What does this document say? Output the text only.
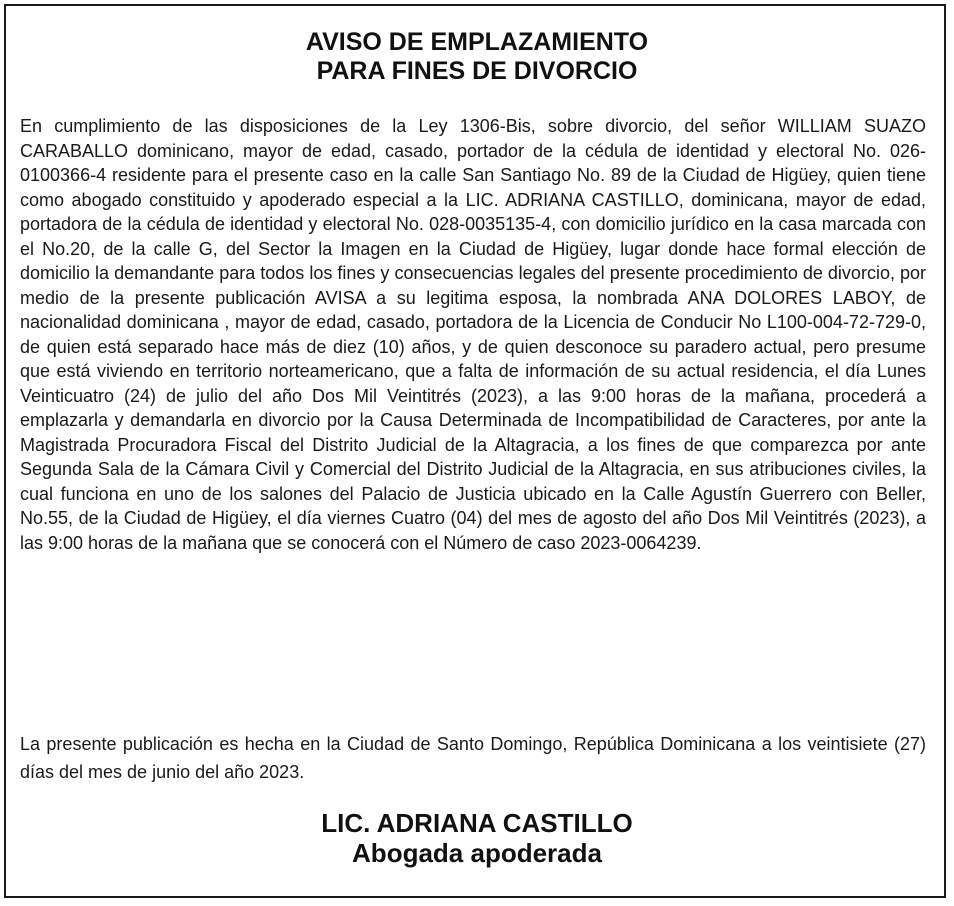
AVISO DE EMPLAZAMIENTO
PARA FINES DE DIVORCIO

En cumplimiento de las disposiciones de la Ley 1306-Bis, sobre divorcio, del señor WILLIAM SUAZO CARABALLO dominicano, mayor de edad, casado, portador de la cédula de identidad y electoral No. 026-0100366-4 residente para el presente caso en la calle San Santiago No. 89 de la Ciudad de Higüey, quien tiene como abogado constituido y apoderado especial a la LIC. ADRIANA CASTILLO, dominicana, mayor de edad, portadora de la cédula de identidad y electoral No. 028-0035135-4, con domicilio jurídico en la casa marcada con el No.20, de la calle G, del Sector la Imagen en la Ciudad de Higüey, lugar donde hace formal elección de domicilio la demandante para todos los fines y consecuencias legales del presente procedimiento de divorcio, por medio de la presente publicación AVISA a su legitima esposa, la nombrada ANA DOLORES LABOY, de nacionalidad dominicana , mayor de edad, casado, portadora de la Licencia de Conducir No L100-004-72-729-0, de quien está separado hace más de diez (10) años, y de quien desconoce su paradero actual, pero presume que está viviendo en territorio norteamericano, que a falta de información de su actual residencia, el día Lunes Veinticuatro (24) de julio del año Dos Mil Veintitrés (2023), a las 9:00 horas de la mañana, procederá a emplazarla y demandarla en divorcio por la Causa Determinada de Incompatibilidad de Caracteres, por ante la Magistrada Procuradora Fiscal del Distrito Judicial de la Altagracia, a los fines de que comparezca por ante Segunda Sala de la Cámara Civil y Comercial del Distrito Judicial de la Altagracia, en sus atribuciones civiles, la cual funciona en uno de los salones del Palacio de Justicia ubicado en la Calle Agustín Guerrero con Beller, No.55, de la Ciudad de Higüey, el día viernes Cuatro (04) del mes de agosto del año Dos Mil Veintitrés (2023), a las 9:00 horas de la mañana que se conocerá con el Número de caso 2023-0064239.

La presente publicación es hecha en la Ciudad de Santo Domingo, República Dominicana a los veintisiete (27) días del mes de junio del año 2023.

LIC. ADRIANA CASTILLO
Abogada apoderada
